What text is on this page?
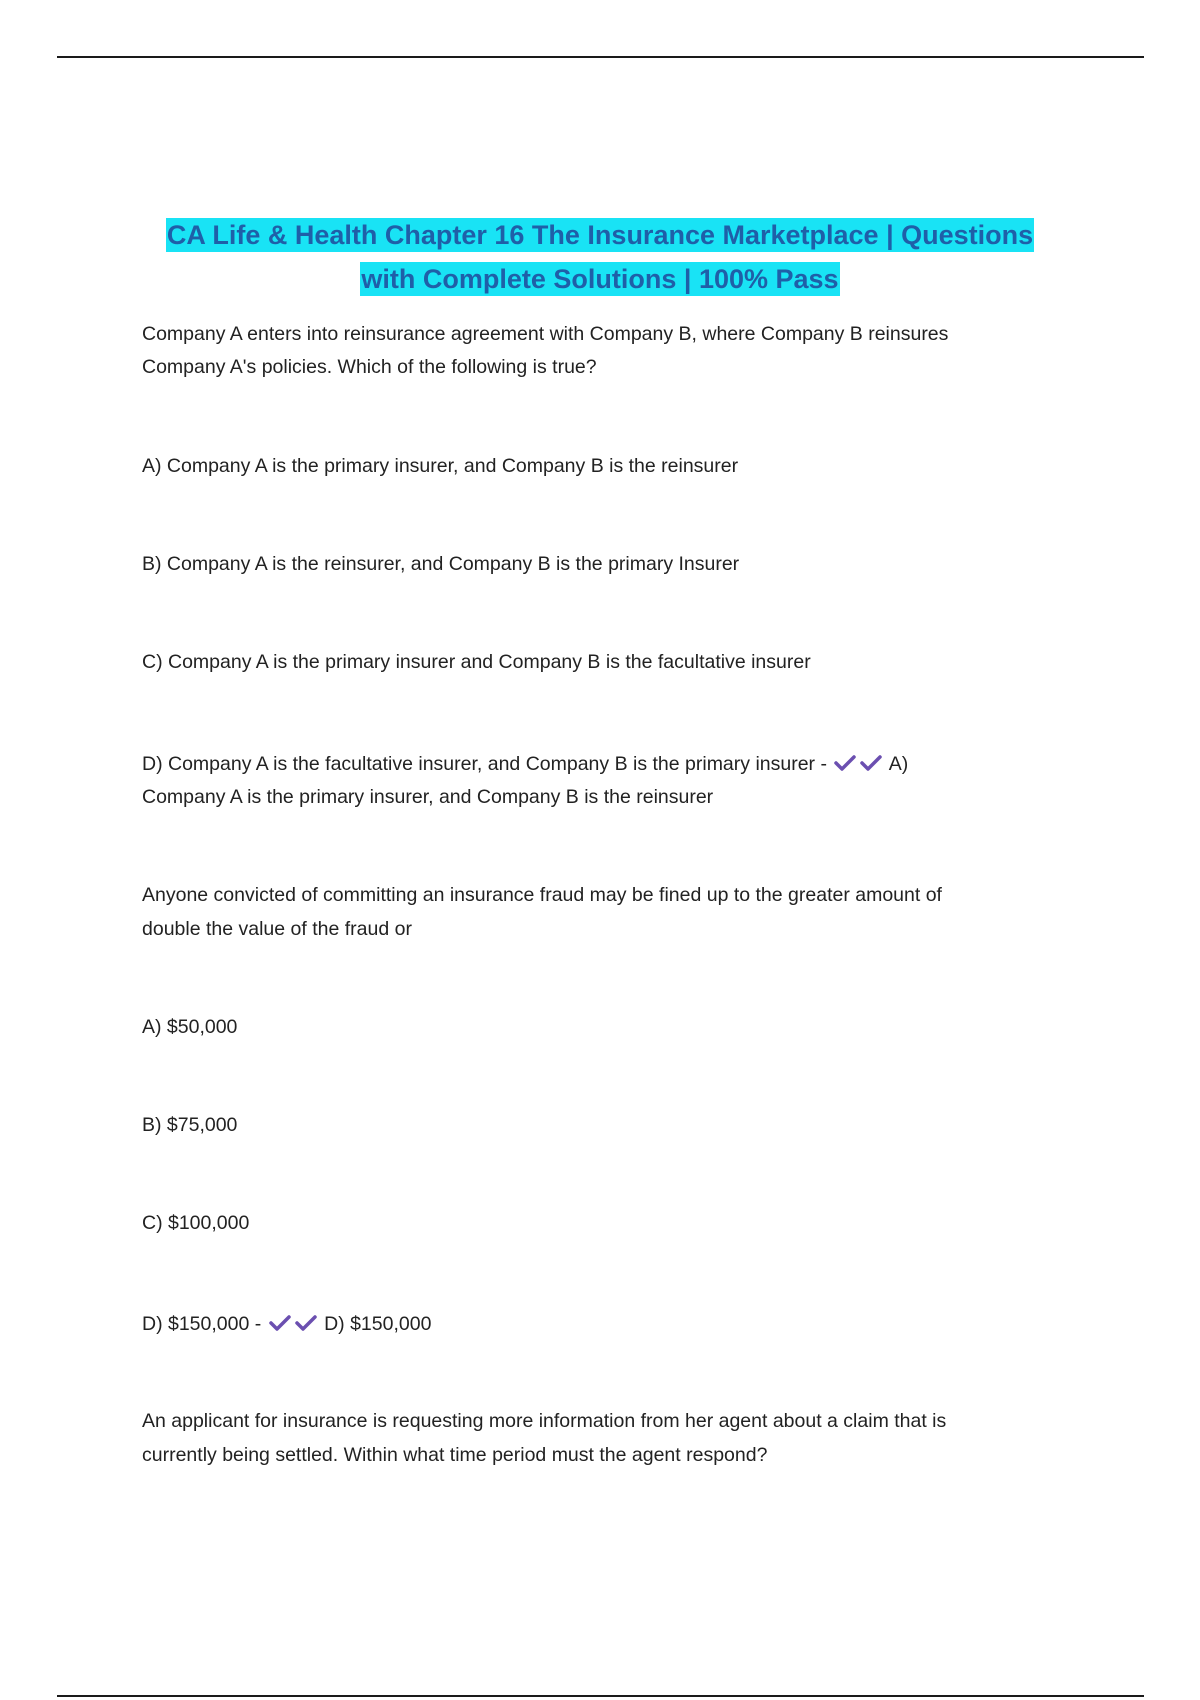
CA Life & Health Chapter 16 The Insurance Marketplace | Questions
with Complete Solutions | 100% Pass
Company A enters into reinsurance agreement with Company B, where Company B reinsures
Company A's policies. Which of the following is true?
A) Company A is the primary insurer, and Company B is the reinsurer
B) Company A is the reinsurer, and Company B is the primary Insurer
C) Company A is the primary insurer and Company B is the facultative insurer
D) Company A is the facultative insurer, and Company B is the primary insurer -	A)
Company A is the primary insurer, and Company B is the reinsurer
Anyone convicted of committing an insurance fraud may be fined up to the greater amount of
double the value of the fraud or
A) $50,000
B) $75,000
C) $100,000
D) $150,000 -	D) $150,000
An applicant for insurance is requesting more information from her agent about a claim that is
currently being settled. Within what time period must the agent respond?
